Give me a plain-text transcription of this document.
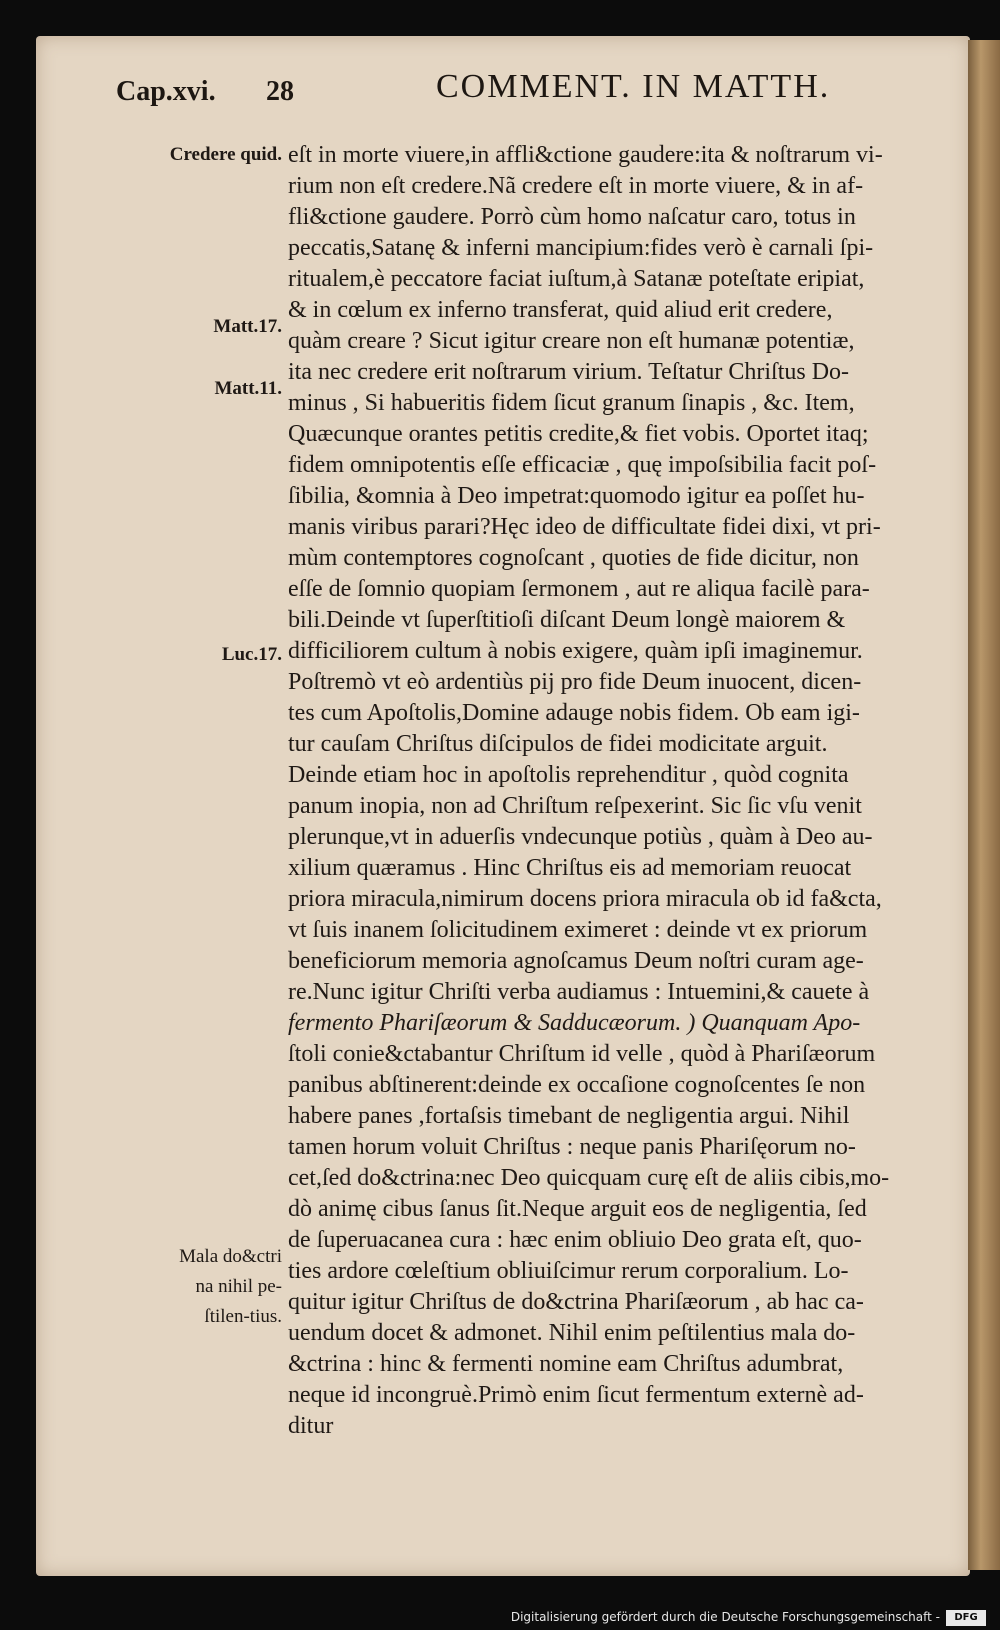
Cap.xvi. 28	COMMENT. IN MATTH.
Credere quid.
Matt.17.
Matt.11.
Luc.17.
Mala do&ctri
na nihil pe-
ſtilen-tius.
eſt in morte viuere,in affli&ctione gaudere:ita & noſtrarum vi-
rium non eſt credere.Nã credere eſt in morte viuere, & in af-
fli&ctione gaudere. Porrò cùm homo naſcatur caro, totus in
peccatis,Satanę & inferni mancipium:fides verò è carnali ſpi-
ritualem,è peccatore faciat iuſtum,à Satanæ poteſtate eripiat,
& in cœlum ex inferno transferat, quid aliud erit credere,
quàm creare ? Sicut igitur creare non eſt humanæ potentiæ,
ita nec credere erit noſtrarum virium. Teſtatur Chriſtus Do-
minus , Si habueritis fidem ſicut granum ſinapis , &c. Item,
Quæcunque orantes petitis credite,& fiet vobis. Oportet itaq;
fidem omnipotentis eſſe efficaciæ , quę impoſsibilia facit poſ-
ſibilia, &omnia à Deo impetrat:quomodo igitur ea poſſet hu-
manis viribus parari?Hęc ideo de difficultate fidei dixi, vt pri-
mùm contemptores cognoſcant , quoties de fide dicitur, non
eſſe de ſomnio quopiam ſermonem , aut re aliqua facilè para-
bili.Deinde vt ſuperſtitioſi diſcant Deum longè maiorem &
difficiliorem cultum à nobis exigere, quàm ipſi imaginemur.
Poſtremò vt eò ardentiùs pij pro fide Deum inuocent, dicen-
tes cum Apoſtolis,Domine adauge nobis fidem. Ob eam igi-
tur cauſam Chriſtus diſcipulos de fidei modicitate arguit.
Deinde etiam hoc in apoſtolis reprehenditur , quòd cognita
panum inopia, non ad Chriſtum reſpexerint. Sic ſic vſu venit
plerunque,vt in aduerſis vndecunque potiùs , quàm à Deo au-
xilium quæramus . Hinc Chriſtus eis ad memoriam reuocat
priora miracula,nimirum docens priora miracula ob id fa&cta,
vt ſuis inanem ſolicitudinem eximeret : deinde vt ex priorum
beneficiorum memoria agnoſcamus Deum noſtri curam age-
re.Nunc igitur Chriſti verba audiamus : Intuemini,& cauete à
fermento Phariſæorum & Sadducæorum. ) Quanquam Apo-
ſtoli conie&ctabantur Chriſtum id velle , quòd à Phariſæorum
panibus abſtinerent:deinde ex occaſione cognoſcentes ſe non
habere panes ,fortaſsis timebant de negligentia argui. Nihil
tamen horum voluit Chriſtus : neque panis Phariſęorum no-
cet,ſed do&ctrina:nec Deo quicquam curę eſt de aliis cibis,mo-
dò animę cibus ſanus ſit.Neque arguit eos de negligentia, ſed
de ſuperuacanea cura : hæc enim obliuio Deo grata eſt, quo-
ties ardore cœleſtium obliuiſcimur rerum corporalium. Lo-
quitur igitur Chriſtus de do&ctrina Phariſæorum , ab hac ca-
uendum docet & admonet. Nihil enim peſtilentius mala do-
&ctrina : hinc & fermenti nomine eam Chriſtus adumbrat,
neque id incongruè.Primò enim ſicut fermentum externè ad-
ditur
Digitalisierung gefördert durch die Deutsche Forschungsgemeinschaft -	DFG
